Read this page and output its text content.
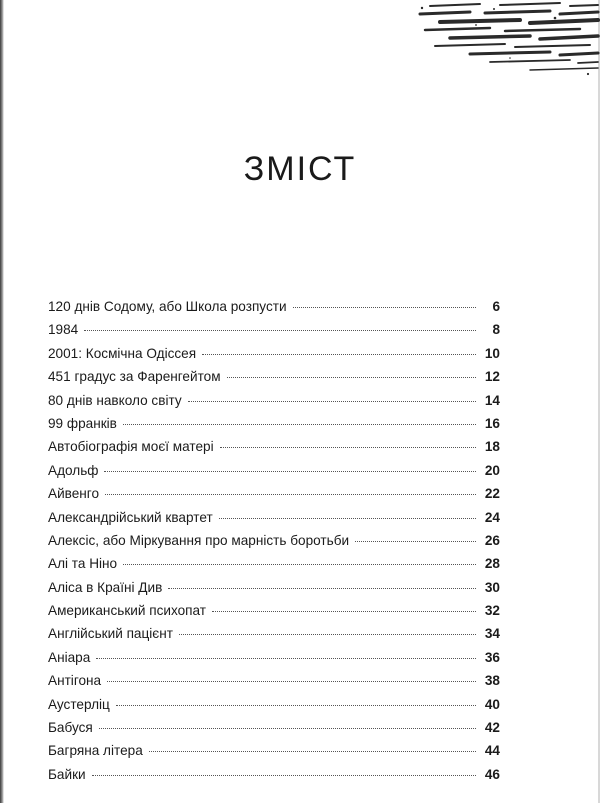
ЗМІСТ
120 днів Содому, або Школа розпусти	6
1984	8
2001: Космічна Одіссея	10
451 градус за Фаренгейтом	12
80 днів навколо світу	14
99 франків	16
Автобіографія моєї матері	18
Адольф	20
Айвенго	22
Александрійський квартет	24
Алексіс, або Міркування про марність боротьби	26
Алі та Ніно	28
Аліса в Країні Див	30
Американський психопат	32
Англійський пацієнт	34
Аніара	36
Антігона	38
Аустерліц	40
Бабуся	42
Багряна літера	44
Байки	46
